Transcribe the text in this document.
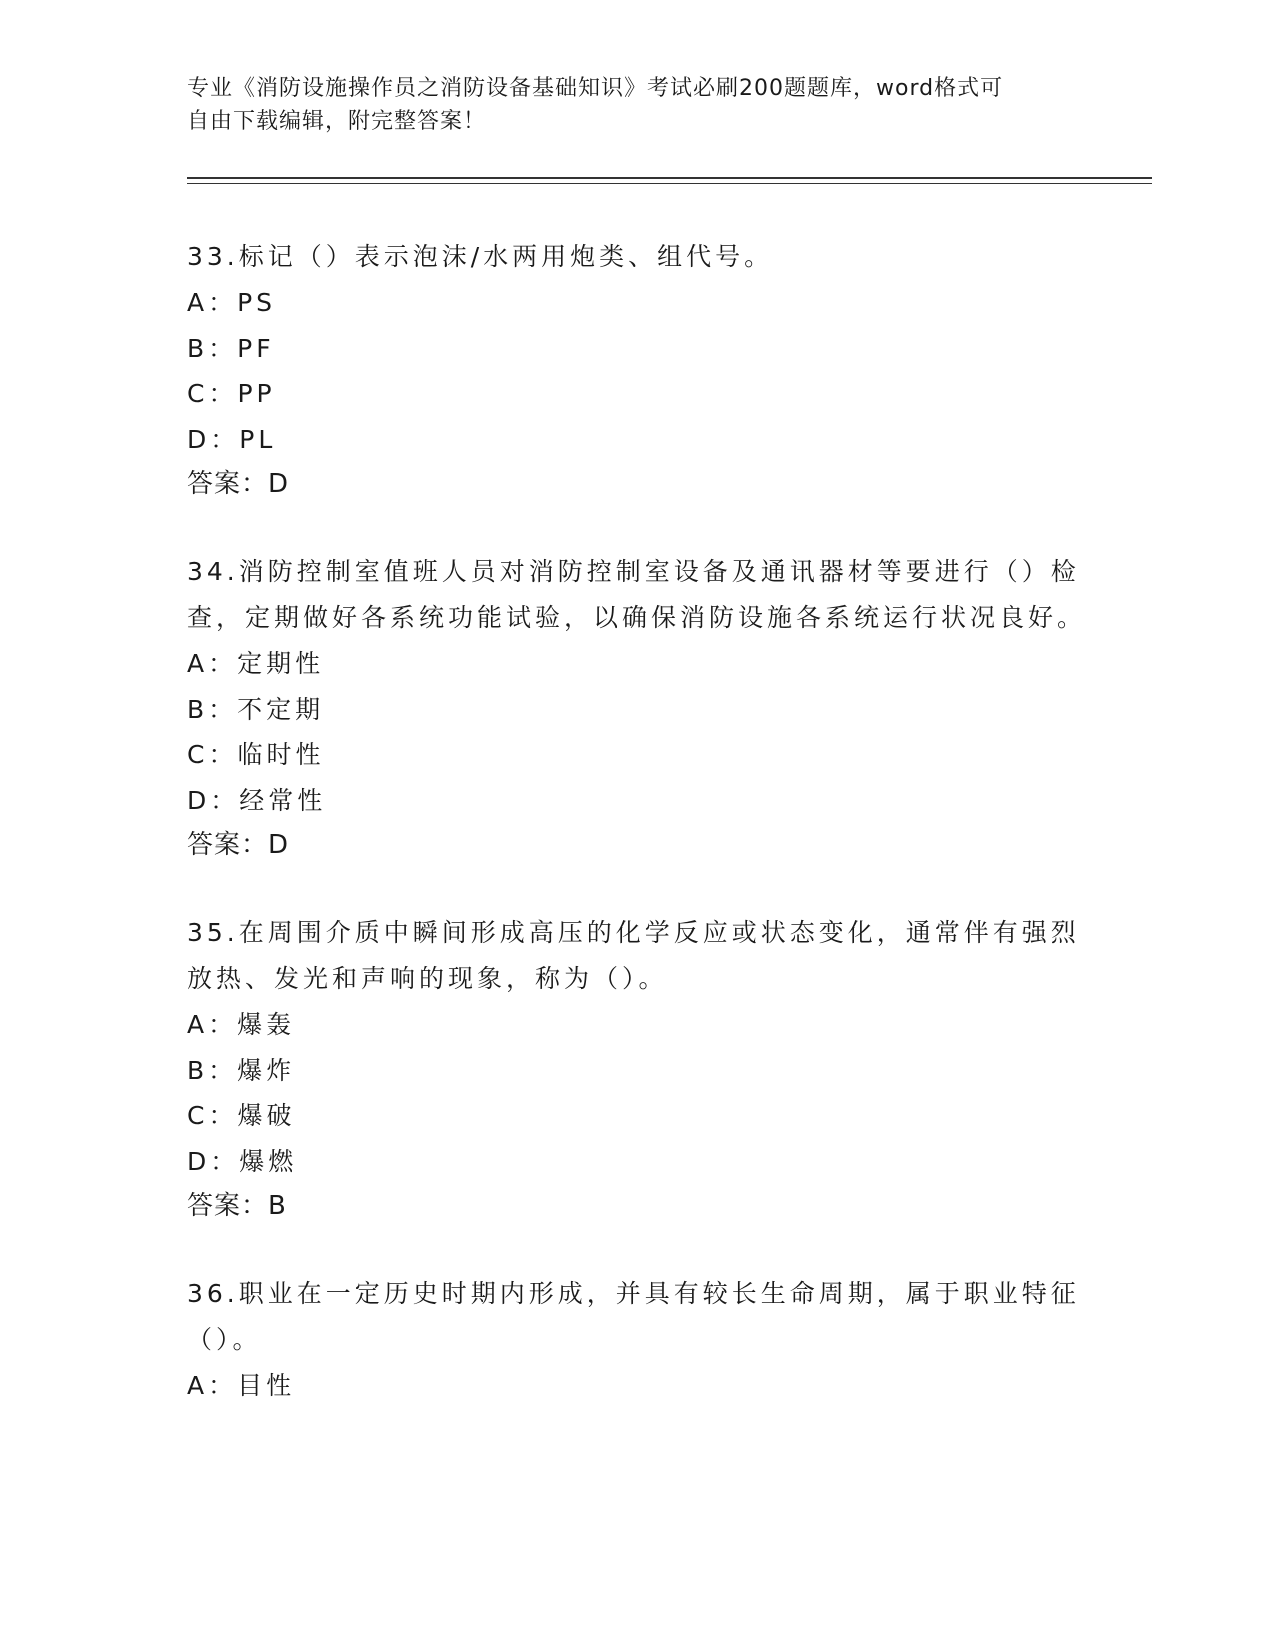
专业《消防设施操作员之消防设备基础知识》考试必刷200题题库，word格式可
自由下载编辑，附完整答案！

33.标记（）表示泡沫/水两用炮类、组代号。

A：PS

B：PF

C：PP

D：PL

答案：D

34.消防控制室值班人员对消防控制室设备及通讯器材等要进行（）检查，定期做好各系统功能试验，以确保消防设施各系统运行状况良好。

A：定期性

B：不定期

C：临时性

D：经常性

答案：D

35.在周围介质中瞬间形成高压的化学反应或状态变化，通常伴有强烈放热、发光和声响的现象，称为（）。

A：爆轰

B：爆炸

C：爆破

D：爆燃

答案：B

36.职业在一定历史时期内形成，并具有较长生命周期，属于职业特征（）。

A：目性
